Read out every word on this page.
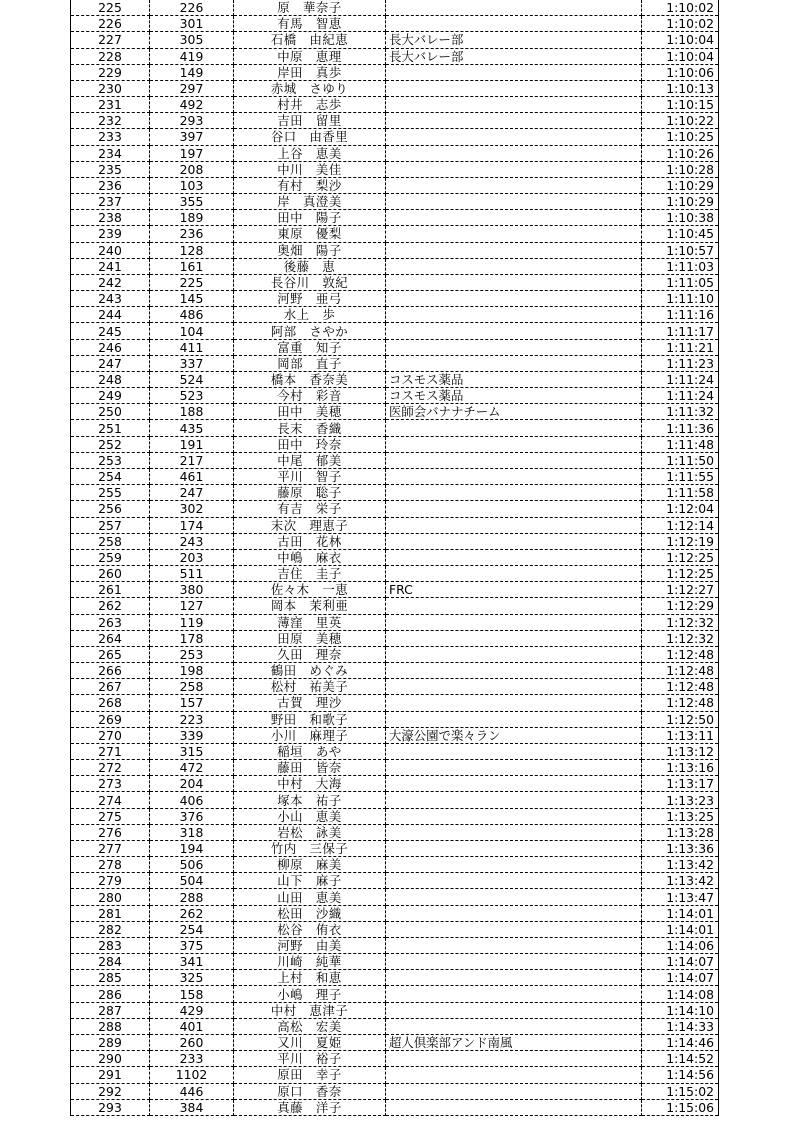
225	226	原　華奈子		1:10:02
226	301	有馬　智恵		1:10:02
227	305	石橋　由紀恵	長大バレー部	1:10:04
228	419	中原　恵理	長大バレー部	1:10:04
229	149	岸田　真歩		1:10:06
230	297	赤城　さゆり		1:10:13
231	492	村井　志歩		1:10:15
232	293	吉田　留里		1:10:22
233	397	谷口　由香里		1:10:25
234	197	上谷　恵美		1:10:26
235	208	中川　美佳		1:10:28
236	103	有村　梨沙		1:10:29
237	355	岸　真澄美		1:10:29
238	189	田中　陽子		1:10:38
239	236	東原　優梨		1:10:45
240	128	奥畑　陽子		1:10:57
241	161	後藤　恵		1:11:03
242	225	長谷川　敦紀		1:11:05
243	145	河野　亜弓		1:11:10
244	486	水上　歩		1:11:16
245	104	阿部　さやか		1:11:17
246	411	富重　知子		1:11:21
247	337	岡部　直子		1:11:23
248	524	橋本　香奈美	コスモス薬品	1:11:24
249	523	今村　彩音	コスモス薬品	1:11:24
250	188	田中　美穂	医師会バナナチーム	1:11:32
251	435	長末　香織		1:11:36
252	191	田中　玲奈		1:11:48
253	217	中尾　郁美		1:11:50
254	461	平川　智子		1:11:55
255	247	藤原　聡子		1:11:58
256	302	有吉　栄子		1:12:04
257	174	末次　理恵子		1:12:14
258	243	古田　花林		1:12:19
259	203	中嶋　麻衣		1:12:25
260	511	吉住　圭子		1:12:25
261	380	佐々木　一恵	FRC	1:12:27
262	127	岡本　茉利亜		1:12:29
263	119	薄窪　里英		1:12:32
264	178	田原　美穂		1:12:32
265	253	久田　理奈		1:12:48
266	198	鶴田　めぐみ		1:12:48
267	258	松村　祐美子		1:12:48
268	157	古賀　理沙		1:12:48
269	223	野田　和歌子		1:12:50
270	339	小川　麻理子	大濠公園で楽々ラン	1:13:11
271	315	稲垣　あや		1:13:12
272	472	藤田　皆奈		1:13:16
273	204	中村　大海		1:13:17
274	406	塚本　祐子		1:13:23
275	376	小山　恵美		1:13:25
276	318	岩松　詠美		1:13:28
277	194	竹内　三保子		1:13:36
278	506	柳原　麻美		1:13:42
279	504	山下　麻子		1:13:42
280	288	山田　恵美		1:13:47
281	262	松田　沙織		1:14:01
282	254	松谷　侑衣		1:14:01
283	375	河野　由美		1:14:06
284	341	川崎　純華		1:14:07
285	325	上村　和恵		1:14:07
286	158	小嶋　理子		1:14:08
287	429	中村　恵津子		1:14:10
288	401	高松　宏美		1:14:33
289	260	又川　夏姫	超人倶楽部アンド南風	1:14:46
290	233	平川　裕子		1:14:52
291	1102	原田　幸子		1:14:56
292	446	原口　香奈		1:15:02
293	384	真藤　洋子		1:15:06
